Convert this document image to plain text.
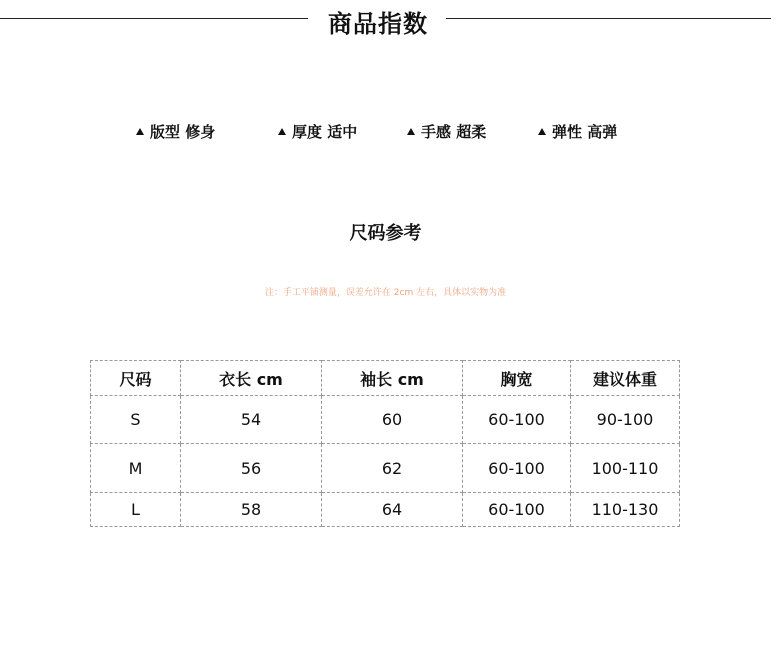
商品指数
版型 修身	厚度 适中	手感 超柔	弹性 高弹
尺码参考
注：手工平铺测量，误差允许在 2cm 左右，具体以实物为准
尺码	衣长 cm	袖长 cm	胸宽	建议体重
S	54	60	60-100	90-100
M	56	62	60-100	100-110
L	58	64	60-100	110-130
